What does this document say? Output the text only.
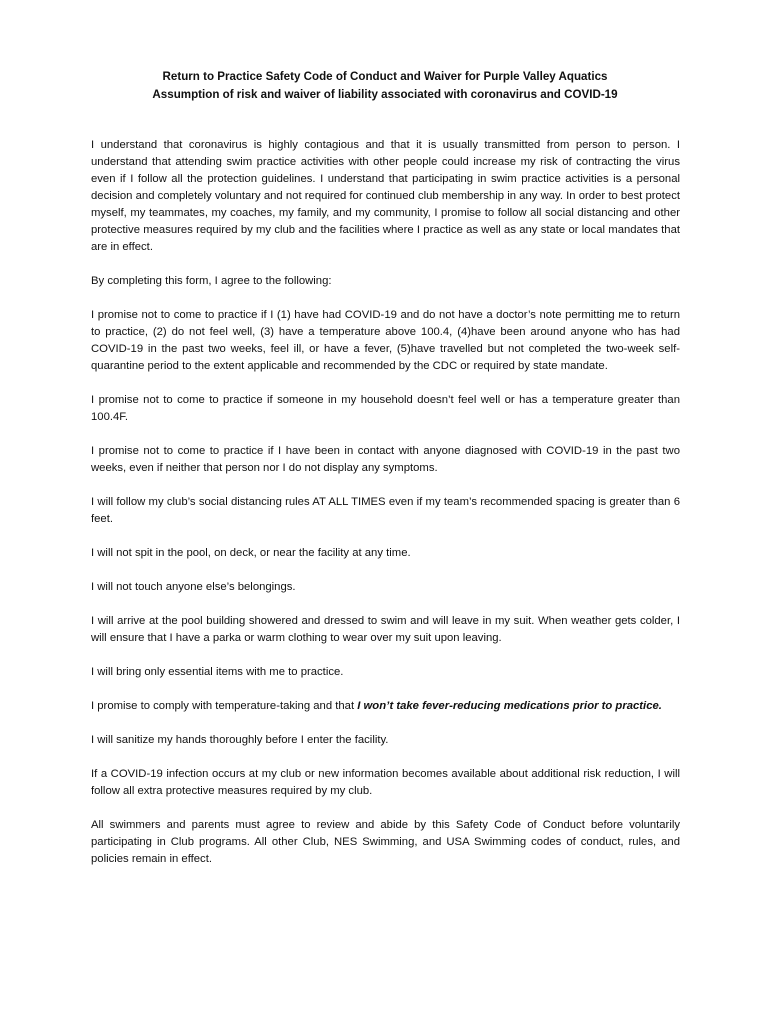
Return to Practice Safety Code of Conduct and Waiver for Purple Valley Aquatics

Assumption of risk and waiver of liability associated with coronavirus and COVID-19

I understand that coronavirus is highly contagious and that it is usually transmitted from person to person. I understand that attending swim practice activities with other people could increase my risk of contracting the virus even if I follow all the protection guidelines. I understand that participating in swim practice activities is a personal decision and completely voluntary and not required for continued club membership in any way. In order to best protect myself, my teammates, my coaches, my family, and my community, I promise to follow all social distancing and other protective measures required by my club and the facilities where I practice as well as any state or local mandates that are in effect.

By completing this form, I agree to the following:

I promise not to come to practice if I (1) have had COVID-19 and do not have a doctor’s note permitting me to return to practice, (2) do not feel well, (3) have a temperature above 100.4, (4)have been around anyone who has had COVID-19 in the past two weeks, feel ill, or have a fever, (5)have travelled but not completed the two-week self-quarantine period to the extent applicable and recommended by the CDC or required by state mandate.

I promise not to come to practice if someone in my household doesn’t feel well or has a temperature greater than 100.4F.

I promise not to come to practice if I have been in contact with anyone diagnosed with COVID-19 in the past two weeks, even if neither that person nor I do not display any symptoms.

I will follow my club’s social distancing rules AT ALL TIMES even if my team’s recommended spacing is greater than 6 feet.

I will not spit in the pool, on deck, or near the facility at any time.

I will not touch anyone else’s belongings.

I will arrive at the pool building showered and dressed to swim and will leave in my suit. When weather gets colder, I will ensure that I have a parka or warm clothing to wear over my suit upon leaving.

I will bring only essential items with me to practice.

I promise to comply with temperature-taking and that I won’t take fever-reducing medications prior to practice.

I will sanitize my hands thoroughly before I enter the facility.

If a COVID-19 infection occurs at my club or new information becomes available about additional risk reduction, I will follow all extra protective measures required by my club.

All swimmers and parents must agree to review and abide by this Safety Code of Conduct before voluntarily participating in Club programs. All other Club, NES Swimming, and USA Swimming codes of conduct, rules, and policies remain in effect.
